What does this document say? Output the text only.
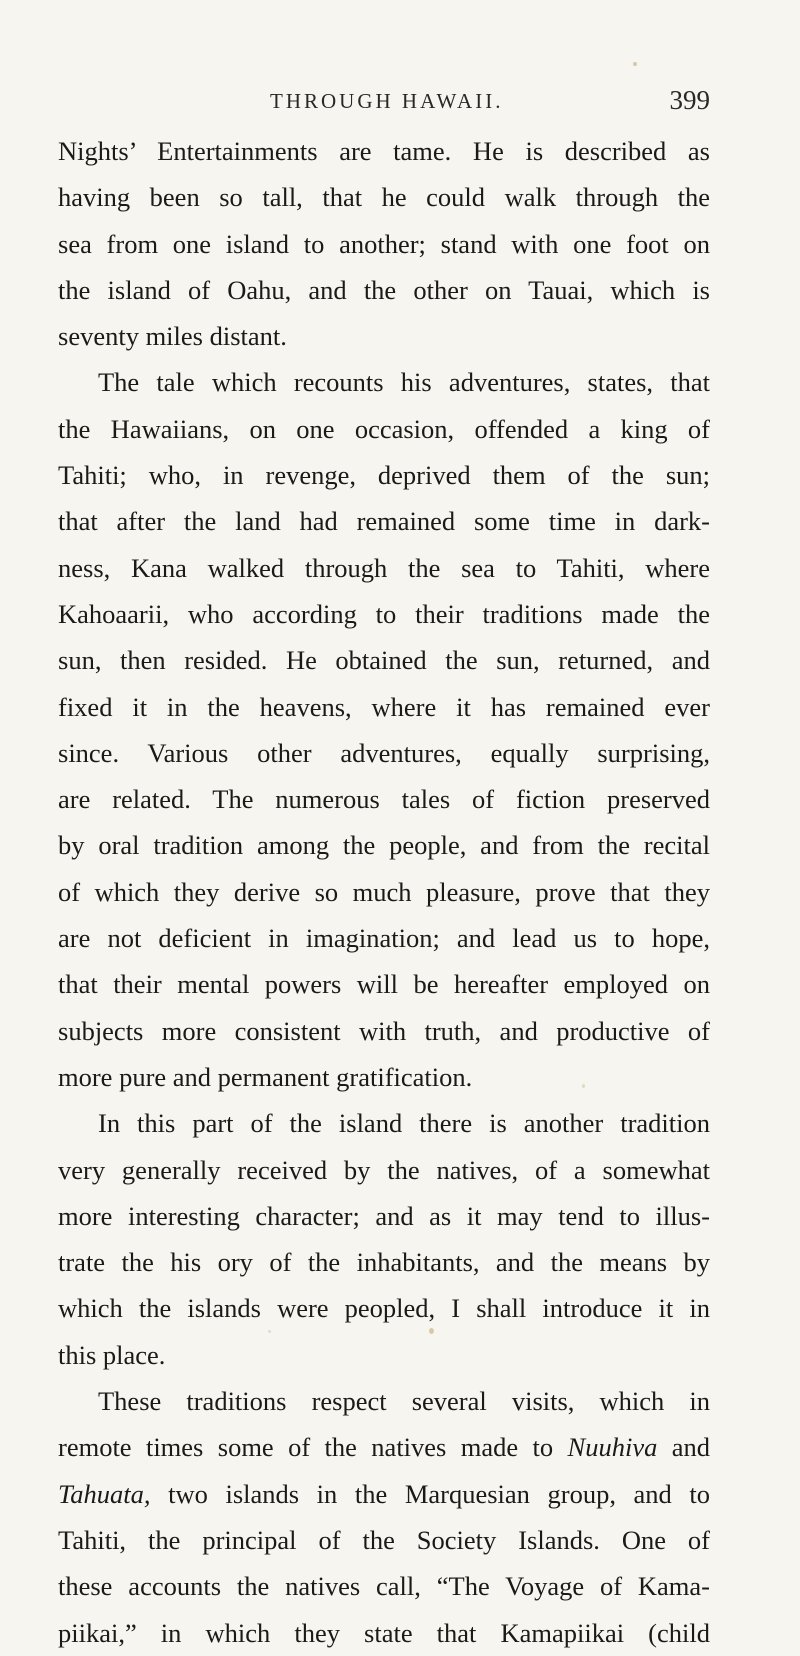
THROUGH HAWAII.	399
Nights’ Entertainments are tame. He is described as
having been so tall, that he could walk through the
sea from one island to another; stand with one foot on
the island of Oahu, and the other on Tauai, which is
seventy miles distant.
The tale which recounts his adventures, states, that
the Hawaiians, on one occasion, offended a king of
Tahiti; who, in revenge, deprived them of the sun;
that after the land had remained some time in dark-
ness, Kana walked through the sea to Tahiti, where
Kahoaarii, who according to their traditions made the
sun, then resided. He obtained the sun, returned, and
fixed it in the heavens, where it has remained ever
since. Various other adventures, equally surprising,
are related. The numerous tales of fiction preserved
by oral tradition among the people, and from the recital
of which they derive so much pleasure, prove that they
are not deficient in imagination; and lead us to hope,
that their mental powers will be hereafter employed on
subjects more consistent with truth, and productive of
more pure and permanent gratification.
In this part of the island there is another tradition
very generally received by the natives, of a somewhat
more interesting character; and as it may tend to illus-
trate the his ory of the inhabitants, and the means by
which the islands were peopled, I shall introduce it in
this place.
These traditions respect several visits, which in
remote times some of the natives made to Nuuhiva and
Tahuata, two islands in the Marquesian group, and to
Tahiti, the principal of the Society Islands. One of
these accounts the natives call, “The Voyage of Kama-
piikai,” in which they state that Kamapiikai (child
